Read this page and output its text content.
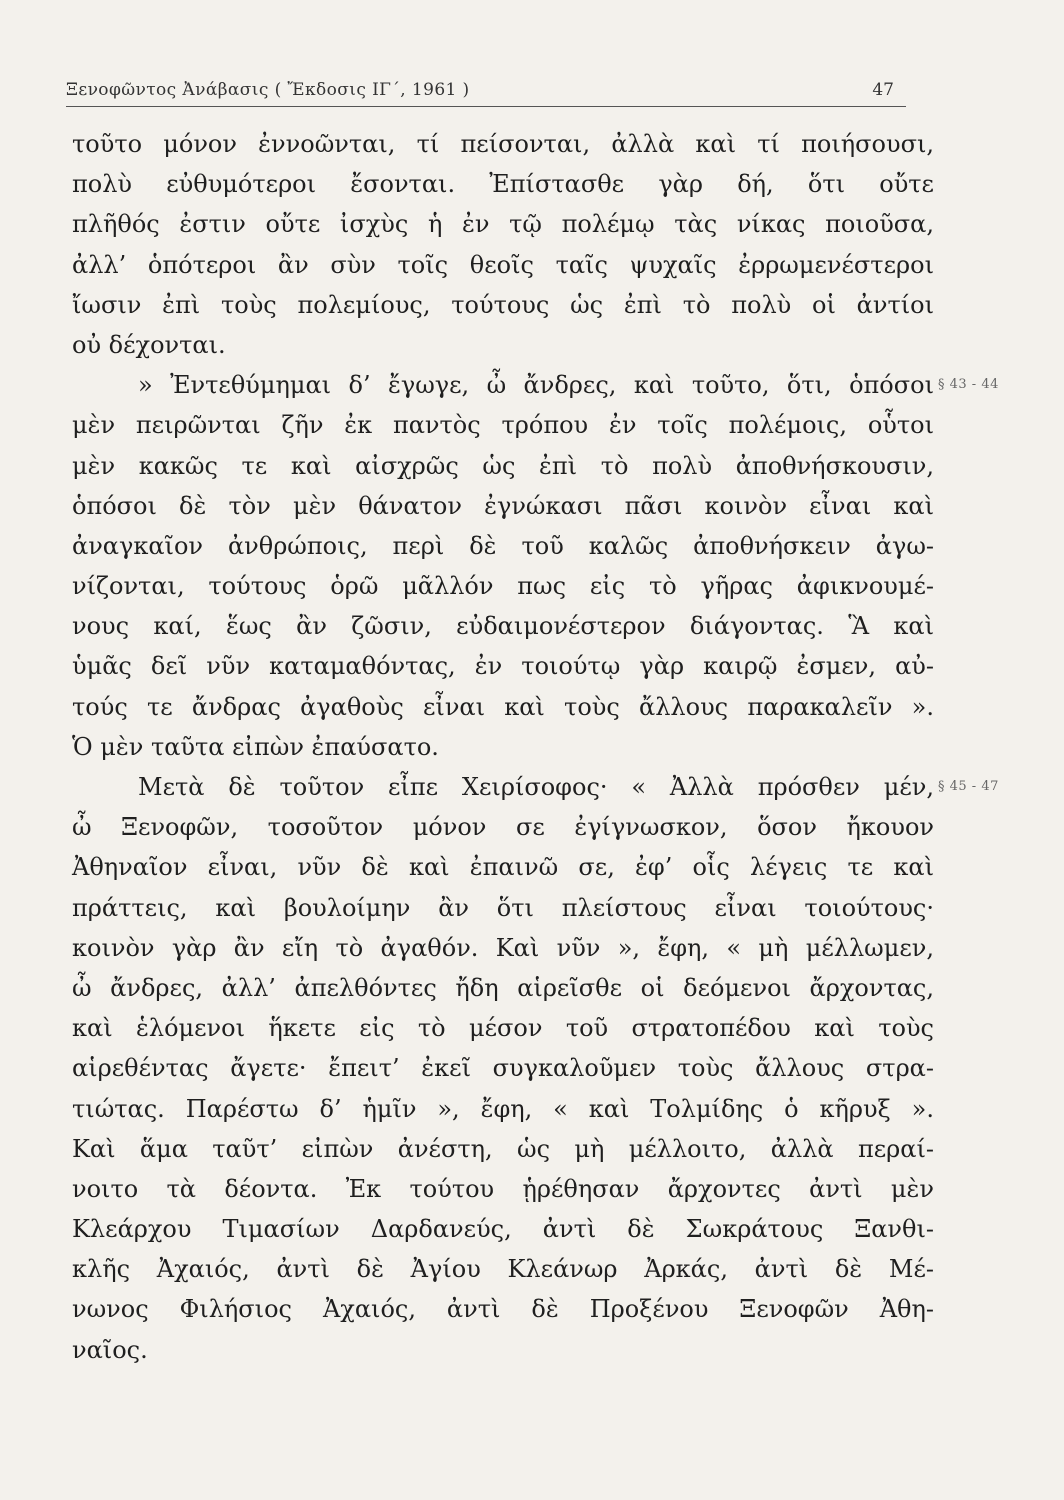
Ξενοφῶντος Ἀνάβασις ( Ἔκδοσις ΙΓ΄, 1961 )	47
τοῦτο μόνον ἐννοῶνται, τί πείσονται, ἀλλὰ καὶ τί ποιήσουσι,
πολὺ εὐθυμότεροι ἔσονται. Ἐπίστασθε γὰρ δή, ὅτι οὔτε
πλῆθός ἐστιν οὔτε ἰσχὺς ἡ ἐν τῷ πολέμῳ τὰς νίκας ποιοῦσα,
ἀλλ’ ὁπότεροι ἂν σὺν τοῖς θεοῖς ταῖς ψυχαῖς ἐρρωμενέστεροι
ἴωσιν ἐπὶ τοὺς πολεμίους, τούτους ὡς ἐπὶ τὸ πολὺ οἱ ἀντίοι
οὐ δέχονται.
» Ἐντεθύμημαι δ’ ἔγωγε, ὦ ἄνδρες, καὶ τοῦτο, ὅτι, ὁπόσοι § 43 - 44
μὲν πειρῶνται ζῆν ἐκ παντὸς τρόπου ἐν τοῖς πολέμοις, οὗτοι
μὲν κακῶς τε καὶ αἰσχρῶς ὡς ἐπὶ τὸ πολὺ ἀποθνήσκουσιν,
ὁπόσοι δὲ τὸν μὲν θάνατον ἐγνώκασι πᾶσι κοινὸν εἶναι καὶ
ἀναγκαῖον ἀνθρώποις, περὶ δὲ τοῦ καλῶς ἀποθνήσκειν ἀγω-
νίζονται, τούτους ὁρῶ μᾶλλόν πως εἰς τὸ γῆρας ἀφικνουμέ-
νους καί, ἕως ἂν ζῶσιν, εὐδαιμονέστερον διάγοντας. Ἃ καὶ
ὑμᾶς δεῖ νῦν καταμαθόντας, ἐν τοιούτῳ γὰρ καιρῷ ἐσμεν, αὐ-
τούς τε ἄνδρας ἀγαθοὺς εἶναι καὶ τοὺς ἄλλους παρακαλεῖν ».
Ὁ μὲν ταῦτα εἰπὼν ἐπαύσατο.
Μετὰ δὲ τοῦτον εἶπε Χειρίσοφος· « Ἀλλὰ πρόσθεν μέν, § 45 - 47
ὦ Ξενοφῶν, τοσοῦτον μόνον σε ἐγίγνωσκον, ὅσον ἤκουον
Ἀθηναῖον εἶναι, νῦν δὲ καὶ ἐπαινῶ σε, ἐφ’ οἷς λέγεις τε καὶ
πράττεις, καὶ βουλοίμην ἂν ὅτι πλείστους εἶναι τοιούτους·
κοινὸν γὰρ ἂν εἴη τὸ ἀγαθόν. Καὶ νῦν », ἔφη, « μὴ μέλλωμεν,
ὦ ἄνδρες, ἀλλ’ ἀπελθόντες ἤδη αἱρεῖσθε οἱ δεόμενοι ἄρχοντας,
καὶ ἑλόμενοι ἥκετε εἰς τὸ μέσον τοῦ στρατοπέδου καὶ τοὺς
αἱρεθέντας ἄγετε· ἔπειτ’ ἐκεῖ συγκαλοῦμεν τοὺς ἄλλους στρα-
τιώτας. Παρέστω δ’ ἡμῖν », ἔφη, « καὶ Τολμίδης ὁ κῆρυξ ».
Καὶ ἅμα ταῦτ’ εἰπὼν ἀνέστη, ὡς μὴ μέλλοιτο, ἀλλὰ περαί-
νοιτο τὰ δέοντα. Ἐκ τούτου ᾑρέθησαν ἄρχοντες ἀντὶ μὲν
Κλεάρχου Τιμασίων Δαρδανεύς, ἀντὶ δὲ Σωκράτους Ξανθι-
κλῆς Ἀχαιός, ἀντὶ δὲ Ἀγίου Κλεάνωρ Ἀρκάς, ἀντὶ δὲ Μέ-
νωνος Φιλήσιος Ἀχαιός, ἀντὶ δὲ Προξένου Ξενοφῶν Ἀθη-
ναῖος.
